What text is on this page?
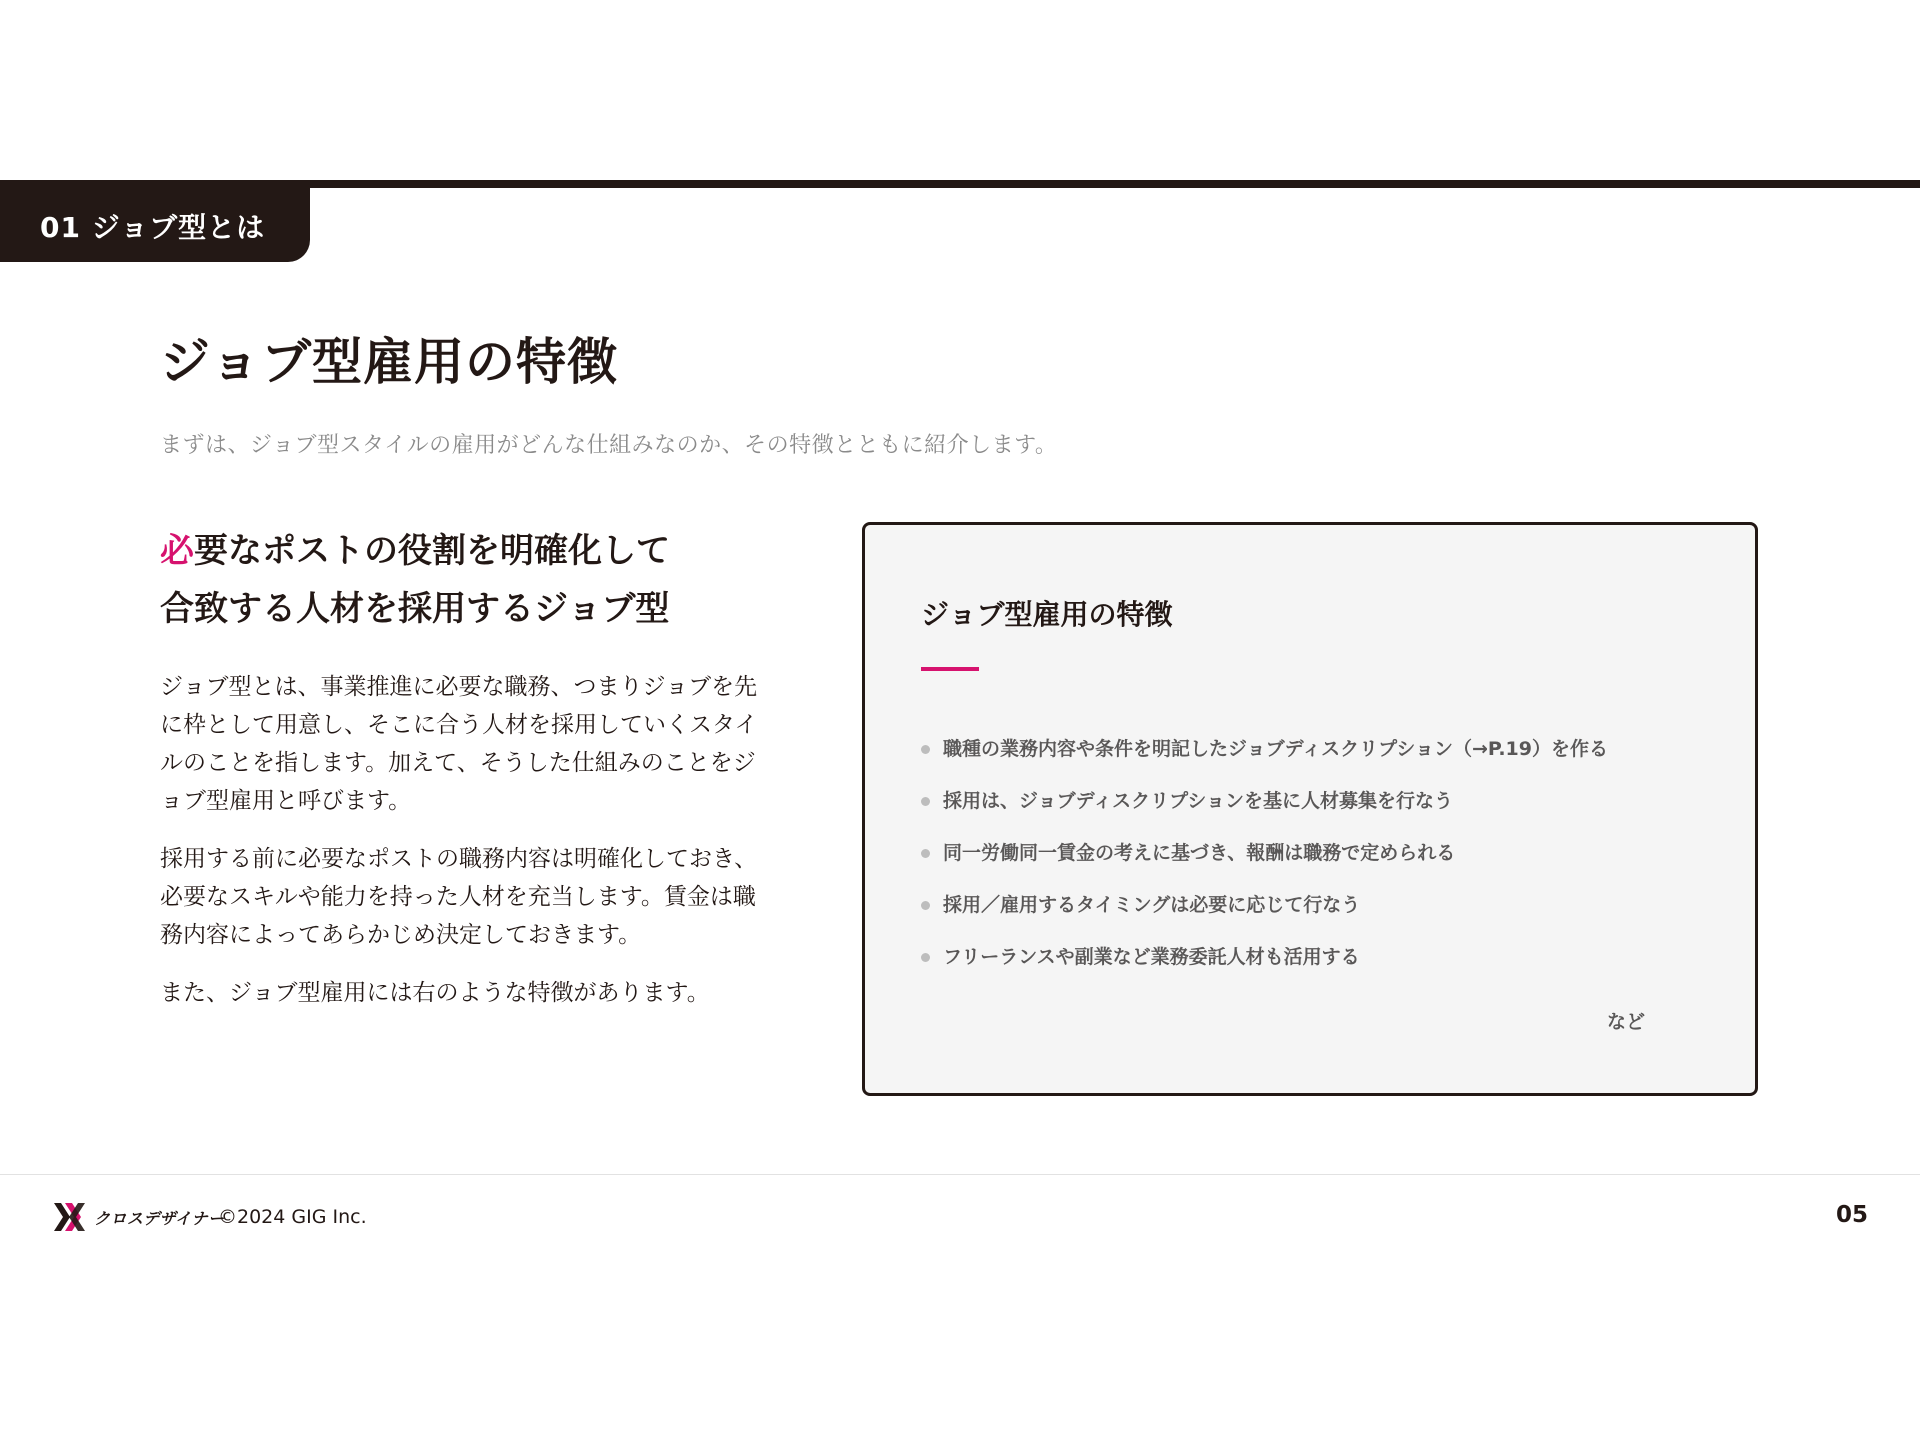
01 ジョブ型とは
ジョブ型雇用の特徴
まずは、ジョブ型スタイルの雇用がどんな仕組みなのか、その特徴とともに紹介します。
必要なポストの役割を明確化して
合致する人材を採用するジョブ型

ジョブ型とは、事業推進に必要な職務、つまりジョブを先に枠として用意し、そこに合う人材を採用していくスタイルのことを指します。加えて、そうした仕組みのことをジョブ型雇用と呼びます。

採用する前に必要なポストの職務内容は明確化しておき、必要なスキルや能力を持った人材を充当します。賃金は職務内容によってあらかじめ決定しておきます。

また、ジョブ型雇用には右のような特徴があります。

ジョブ型雇用の特徴
職種の業務内容や条件を明記したジョブディスクリプション（→P.19）を作る
採用は、ジョブディスクリプションを基に人材募集を行なう
同一労働同一賃金の考えに基づき、報酬は職務で定められる
採用／雇用するタイミングは必要に応じて行なう
フリーランスや副業など業務委託人材も活用する
など
クロスデザイナー
©2024 GIG Inc.	05
